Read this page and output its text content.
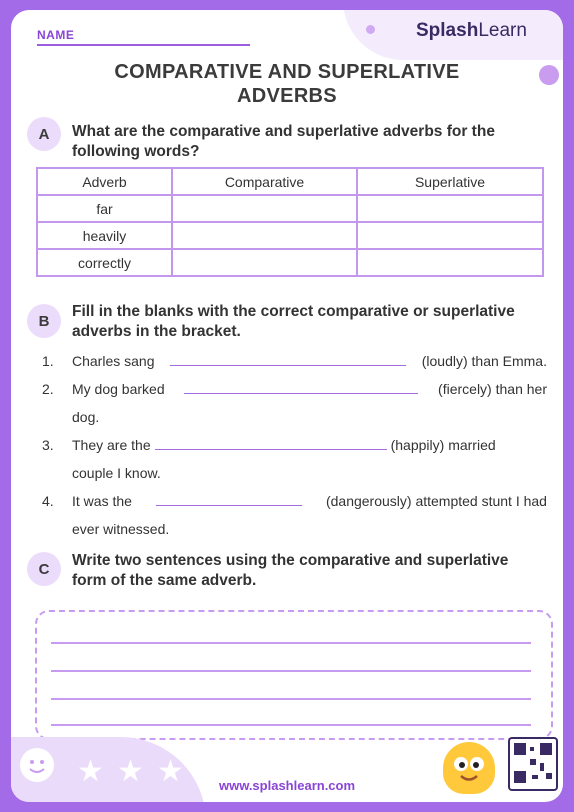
NAME	SplashLearn
COMPARATIVE AND SUPERLATIVE
ADVERBS
A	What are the comparative and superlative adverbs for the following words?
Adverb	Comparative	Superlative
far		
heavily		
correctly		
B
Fill in the blanks with the correct comparative or superlative adverbs in the bracket.
1.	Charles sang	(loudly) than Emma.
2.	My dog barked	(fiercely) than her
dog.
3.	They are the	(happily) married
couple I know.
4.	It was the	(dangerously) attempted stunt I had
ever witnessed.
C	Write two sentences using the comparative and superlative form of the same adverb.
★ ★ ★	www.splashlearn.com
